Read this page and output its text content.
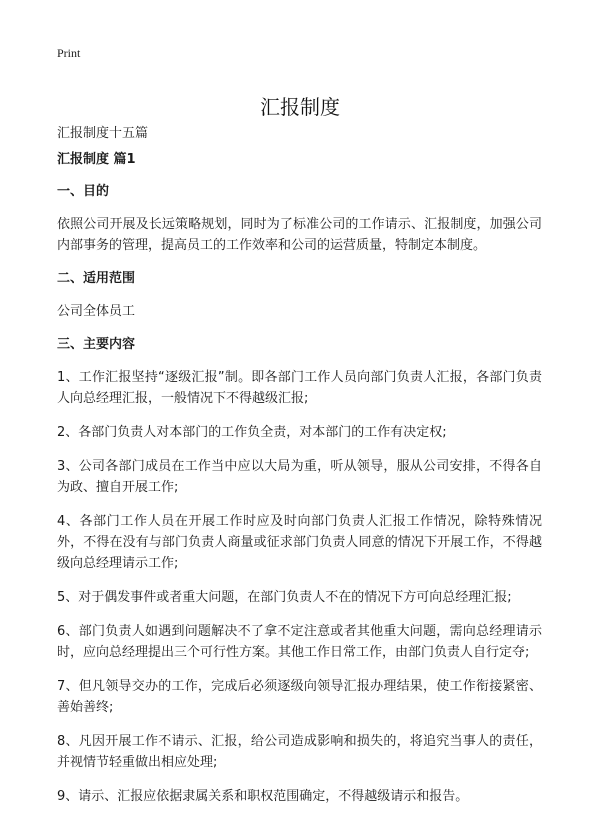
Print
汇报制度
汇报制度十五篇
汇报制度 篇1
一、目的
依照公司开展及长远策略规划，同时为了标准公司的工作请示、汇报制度，加强公司内部事务的管理，提高员工的工作效率和公司的运营质量，特制定本制度。
二、适用范围
公司全体员工
三、主要内容
1、工作汇报坚持“逐级汇报”制。即各部门工作人员向部门负责人汇报，各部门负责人向总经理汇报，一般情况下不得越级汇报;
2、各部门负责人对本部门的工作负全责，对本部门的工作有决定权;
3、公司各部门成员在工作当中应以大局为重，听从领导，服从公司安排，不得各自为政、擅自开展工作;
4、各部门工作人员在开展工作时应及时向部门负责人汇报工作情况，除特殊情况外，不得在没有与部门负责人商量或征求部门负责人同意的情况下开展工作，不得越级向总经理请示工作;
5、对于偶发事件或者重大问题，在部门负责人不在的情况下方可向总经理汇报;
6、部门负责人如遇到问题解决不了拿不定注意或者其他重大问题，需向总经理请示时，应向总经理提出三个可行性方案。其他工作日常工作，由部门负责人自行定夺;
7、但凡领导交办的工作，完成后必须逐级向领导汇报办理结果，使工作衔接紧密、善始善终;
8、凡因开展工作不请示、汇报，给公司造成影响和损失的，将追究当事人的责任，并视情节轻重做出相应处理;
9、请示、汇报应依据隶属关系和职权范围确定，不得越级请示和报告。
